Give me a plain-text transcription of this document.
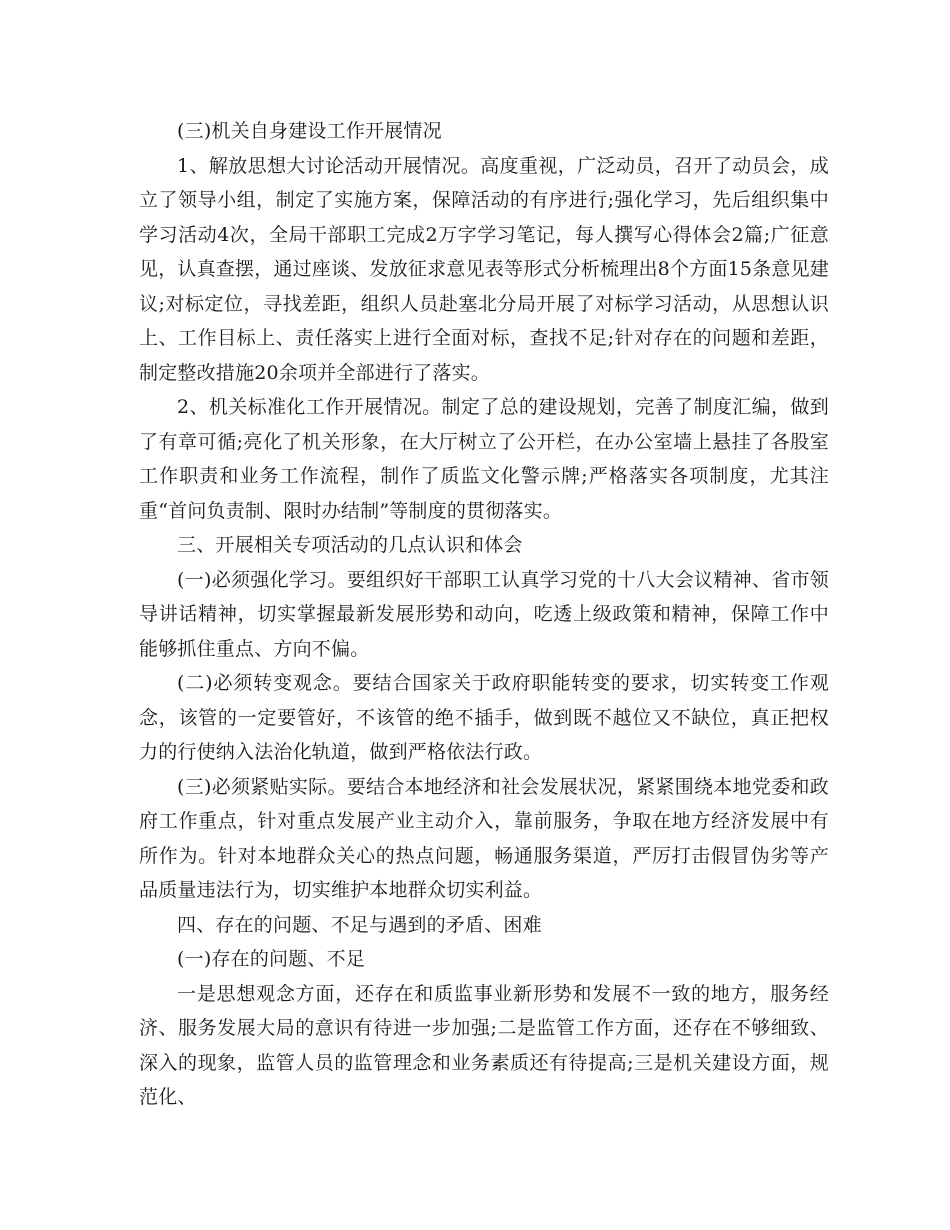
(三)机关自身建设工作开展情况

1、解放思想大讨论活动开展情况。高度重视，广泛动员，召开了动员会，成立了领导小组，制定了实施方案，保障活动的有序进行;强化学习，先后组织集中学习活动4次，全局干部职工完成2万字学习笔记，每人撰写心得体会2篇;广征意见，认真查摆，通过座谈、发放征求意见表等形式分析梳理出8个方面15条意见建议;对标定位，寻找差距，组织人员赴塞北分局开展了对标学习活动，从思想认识上、工作目标上、责任落实上进行全面对标，查找不足;针对存在的问题和差距，制定整改措施20余项并全部进行了落实。

2、机关标准化工作开展情况。制定了总的建设规划，完善了制度汇编，做到了有章可循;亮化了机关形象，在大厅树立了公开栏，在办公室墙上悬挂了各股室工作职责和业务工作流程，制作了质监文化警示牌;严格落实各项制度，尤其注重“首问负责制、限时办结制”等制度的贯彻落实。

三、开展相关专项活动的几点认识和体会

(一)必须强化学习。要组织好干部职工认真学习党的十八大会议精神、省市领导讲话精神，切实掌握最新发展形势和动向，吃透上级政策和精神，保障工作中能够抓住重点、方向不偏。

(二)必须转变观念。要结合国家关于政府职能转变的要求，切实转变工作观念，该管的一定要管好，不该管的绝不插手，做到既不越位又不缺位，真正把权力的行使纳入法治化轨道，做到严格依法行政。

(三)必须紧贴实际。要结合本地经济和社会发展状况，紧紧围绕本地党委和政府工作重点，针对重点发展产业主动介入，靠前服务，争取在地方经济发展中有所作为。针对本地群众关心的热点问题，畅通服务渠道，严厉打击假冒伪劣等产品质量违法行为，切实维护本地群众切实利益。

四、存在的问题、不足与遇到的矛盾、困难

(一)存在的问题、不足

一是思想观念方面，还存在和质监事业新形势和发展不一致的地方，服务经济、服务发展大局的意识有待进一步加强;二是监管工作方面，还存在不够细致、深入的现象，监管人员的监管理念和业务素质还有待提高;三是机关建设方面，规范化、
